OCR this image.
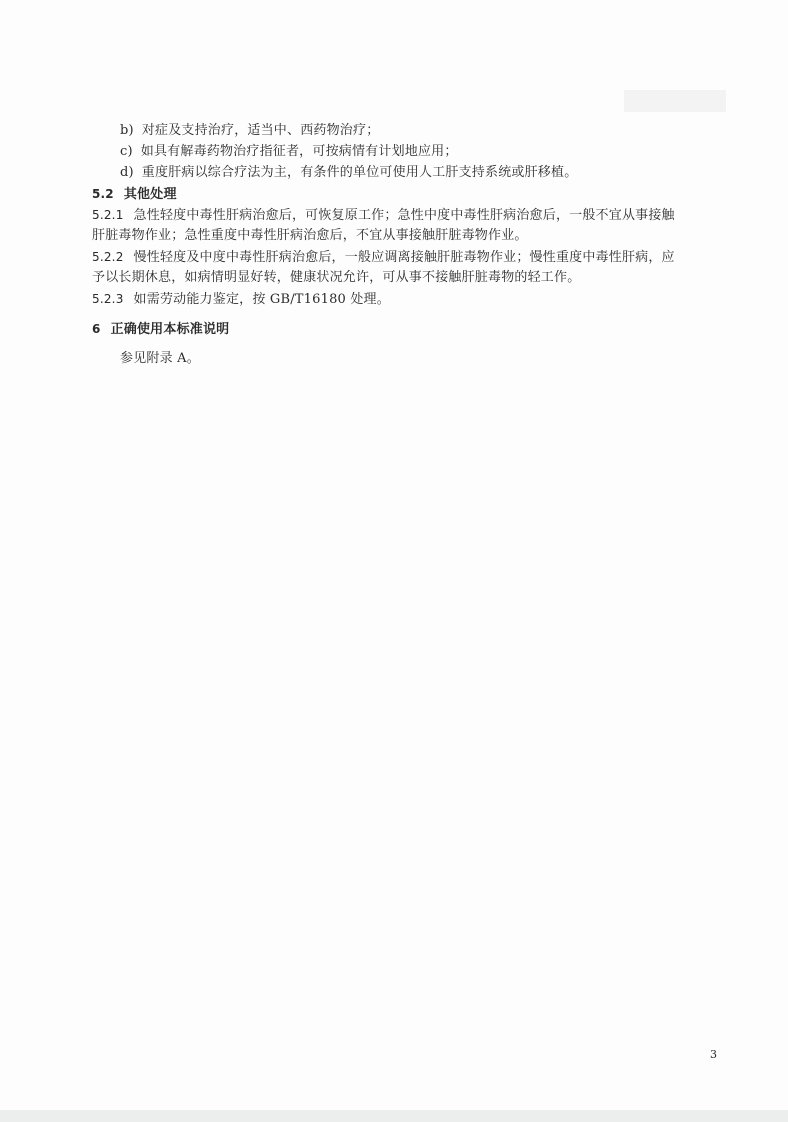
b) 对症及支持治疗，适当中、西药物治疗；
c) 如具有解毒药物治疗指征者，可按病情有计划地应用；
d) 重度肝病以综合疗法为主，有条件的单位可使用人工肝支持系统或肝移植。
5.2 其他处理
5.2.1 急性轻度中毒性肝病治愈后，可恢复原工作；急性中度中毒性肝病治愈后，一般不宜从事接触
肝脏毒物作业；急性重度中毒性肝病治愈后，不宜从事接触肝脏毒物作业。
5.2.2 慢性轻度及中度中毒性肝病治愈后，一般应调离接触肝脏毒物作业；慢性重度中毒性肝病，应
予以长期休息，如病情明显好转，健康状况允许，可从事不接触肝脏毒物的轻工作。
5.2.3 如需劳动能力鉴定，按 GB/T16180 处理。
6 正确使用本标准说明
参见附录 A。
3
